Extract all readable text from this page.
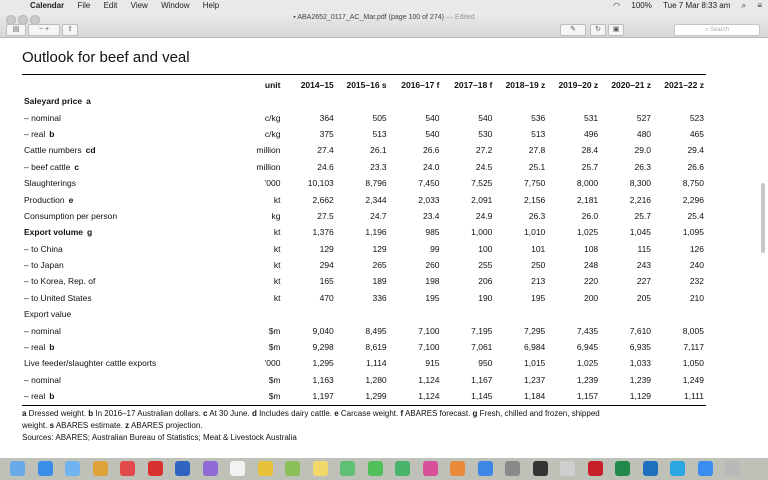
Calendar File Edit View Window Help	◠ 100% Tue 7 Mar 8:33 am ⌕ ≡
▪ ABA2652_0117_AC_Mar.pdf (page 100 of 274) — Edited
▤	− +	⇧	✎	↻	▣	⌕ Search
Outlook for beef and veal
	unit	2014–15	2015–16 s	2016–17 f	2017–18 f	2018–19 z	2019–20 z	2020–21 z	2021–22 z
Saleyard price a									
– nominal	c/kg	364	505	540	540	536	531	527	523
– real b	c/kg	375	513	540	530	513	496	480	465
Cattle numbers cd	million	27.4	26.1	26.6	27.2	27.8	28.4	29.0	29.4
– beef cattle c	million	24.6	23.3	24.0	24.5	25.1	25.7	26.3	26.6
Slaughterings	’000	10,103	8,796	7,450	7,525	7,750	8,000	8,300	8,750
Production e	kt	2,662	2,344	2,033	2,091	2,156	2,181	2,216	2,296
Consumption per person	kg	27.5	24.7	23.4	24.9	26.3	26.0	25.7	25.4
Export volume g	kt	1,376	1,196	985	1,000	1,010	1,025	1,045	1,095
– to China	kt	129	129	99	100	101	108	115	126
– to Japan	kt	294	265	260	255	250	248	243	240
– to Korea, Rep. of	kt	165	189	198	206	213	220	227	232
– to United States	kt	470	336	195	190	195	200	205	210
Export value									
– nominal	$m	9,040	8,495	7,100	7,195	7,295	7,435	7,610	8,005
– real b	$m	9,298	8,619	7,100	7,061	6,984	6,945	6,935	7,117
Live feeder/slaughter cattle exports	’000	1,295	1,114	915	950	1,015	1,025	1,033	1,050
– nominal	$m	1,163	1,280	1,124	1,167	1,237	1,239	1,239	1,249
– real b	$m	1,197	1,299	1,124	1,145	1,184	1,157	1,129	1,111
a Dressed weight. b In 2016–17 Australian dollars. c At 30 June. d Includes dairy cattle. e Carcase weight. f ABARES forecast. g Fresh, chilled and frozen, shipped
weight. s ABARES estimate. z ABARES projection.
Sources: ABARES; Australian Bureau of Statistics; Meat & Livestock Australia
